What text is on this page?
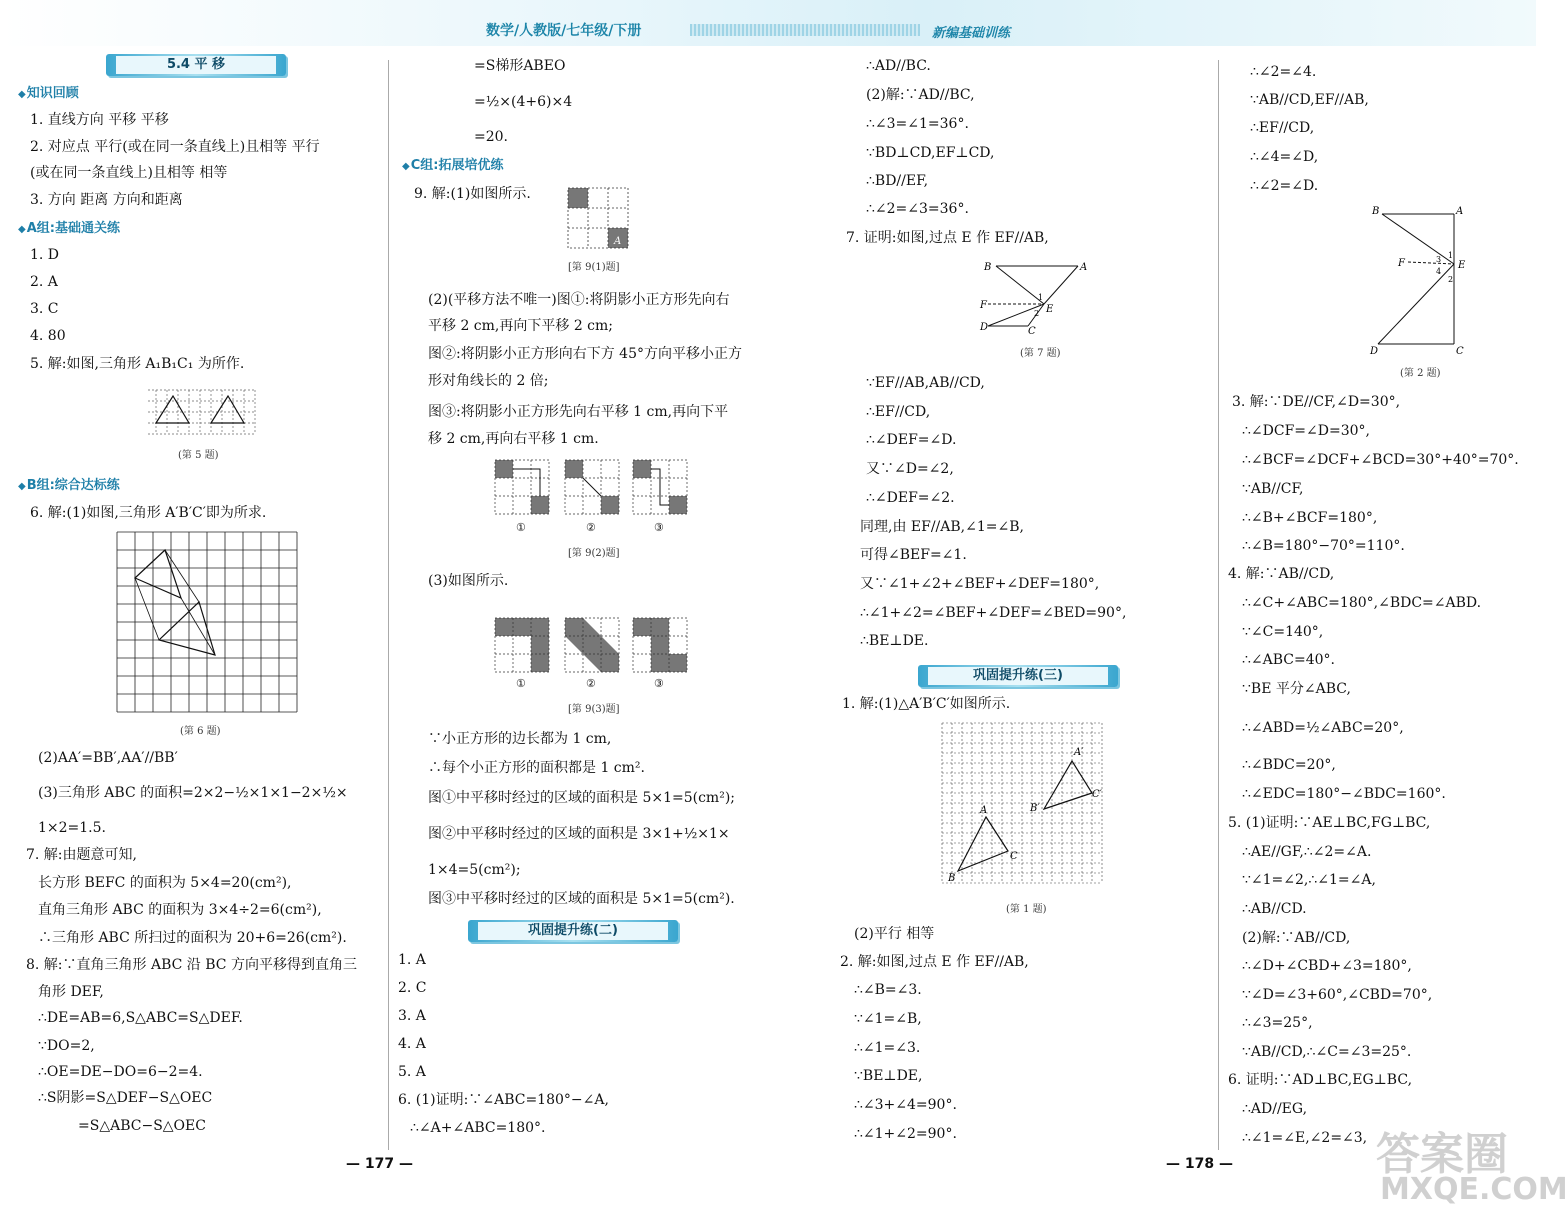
数学/人教版/七年级/下册	新编基础训练
5.4 平 移
◆ 知识回顾
1. 直线方向 平移 平移
2. 对应点 平行(或在同一条直线上)且相等 平行
(或在同一条直线上)且相等 相等
3. 方向 距离 方向和距离
◆ A组:基础通关练
1. D
2. A
3. C
4. 80
5. 解:如图,三角形 A₁B₁C₁ 为所作.
(第 5 题)
◆ B组:综合达标练
6. 解:(1)如图,三角形 A′B′C′即为所求.
(第 6 题)
(2)AA′=BB′,AA′//BB′
(3)三角形 ABC 的面积=2×2−½×1×1−2×½×
1×2=1.5.
7. 解:由题意可知,
长方形 BEFC 的面积为 5×4=20(cm²),
直角三角形 ABC 的面积为 3×4÷2=6(cm²),
∴三角形 ABC 所扫过的面积为 20+6=26(cm²).
8. 解:∵直角三角形 ABC 沿 BC 方向平移得到直角三
角形 DEF,
∴DE=AB=6,S△ABC=S△DEF.
∵DO=2,
∴OE=DE−DO=6−2=4.
∴S阴影=S△DEF−S△OEC
=S△ABC−S△OEC
=S梯形ABEO
=½×(4+6)×4
=20.
◆ C组:拓展培优练
9. 解:(1)如图所示.
A
[第 9(1)题]
(2)(平移方法不唯一)图①:将阴影小正方形先向右
平移 2 cm,再向下平移 2 cm;
图②:将阴影小正方形向右下方 45°方向平移小正方
形对角线长的 2 倍;
图③:将阴影小正方形先向右平移 1 cm,再向下平
移 2 cm,再向右平移 1 cm.
①	②	③
[第 9(2)题]
(3)如图所示.
①	②	③
[第 9(3)题]
∵小正方形的边长都为 1 cm,
∴每个小正方形的面积都是 1 cm².
图①中平移时经过的区域的面积是 5×1=5(cm²);
图②中平移时经过的区域的面积是 3×1+½×1×
1×4=5(cm²);
图③中平移时经过的区域的面积是 5×1=5(cm²).
巩固提升练(二)
1. A
2. C
3. A
4. A
5. A
6. (1)证明:∵∠ABC=180°−∠A,
∴∠A+∠ABC=180°.
— 177 —
∴AD//BC.
(2)解:∵AD//BC,
∴∠3=∠1=36°.
∵BD⊥CD,EF⊥CD,
∴BD//EF,
∴∠2=∠3=36°.
7. 证明:如图,过点 E 作 EF//AB,
B	A
F	E
1
2
D	C
(第 7 题)
∵EF//AB,AB//CD,
∴EF//CD,
∴∠DEF=∠D.
又∵∠D=∠2,
∴∠DEF=∠2.
同理,由 EF//AB,∠1=∠B,
可得∠BEF=∠1.
又∵∠1+∠2+∠BEF+∠DEF=180°,
∴∠1+∠2=∠BEF+∠DEF=∠BED=90°,
∴BE⊥DE.
巩固提升练(三)
1. 解:(1)△A′B′C′如图所示.
B
A
C
B′
A′
C′
(第 1 题)
(2)平行 相等
2. 解:如图,过点 E 作 EF//AB,
∴∠B=∠3.
∵∠1=∠B,
∴∠1=∠3.
∵BE⊥DE,
∴∠3+∠4=90°.
∴∠1+∠2=90°.
∴∠2=∠4.
∵AB//CD,EF//AB,
∴EF//CD,
∴∠4=∠D,
∴∠2=∠D.
B	A
F	E
1
2
3
4
D	C
(第 2 题)
3. 解:∵DE//CF,∠D=30°,
∴∠DCF=∠D=30°,
∴∠BCF=∠DCF+∠BCD=30°+40°=70°.
∵AB//CF,
∴∠B+∠BCF=180°,
∴∠B=180°−70°=110°.
4. 解:∵AB//CD,
∴∠C+∠ABC=180°,∠BDC=∠ABD.
∵∠C=140°,
∴∠ABC=40°.
∵BE 平分∠ABC,
∴∠ABD=½∠ABC=20°,
∴∠BDC=20°,
∴∠EDC=180°−∠BDC=160°.
5. (1)证明:∵AE⊥BC,FG⊥BC,
∴AE//GF,∴∠2=∠A.
∵∠1=∠2,∴∠1=∠A,
∴AB//CD.
(2)解:∵AB//CD,
∴∠D+∠CBD+∠3=180°,
∵∠D=∠3+60°,∠CBD=70°,
∴∠3=25°,
∵AB//CD,∴∠C=∠3=25°.
6. 证明:∵AD⊥BC,EG⊥BC,
∴AD//EG,
∴∠1=∠E,∠2=∠3,
— 178 —	答案圈
MXQE.COM
